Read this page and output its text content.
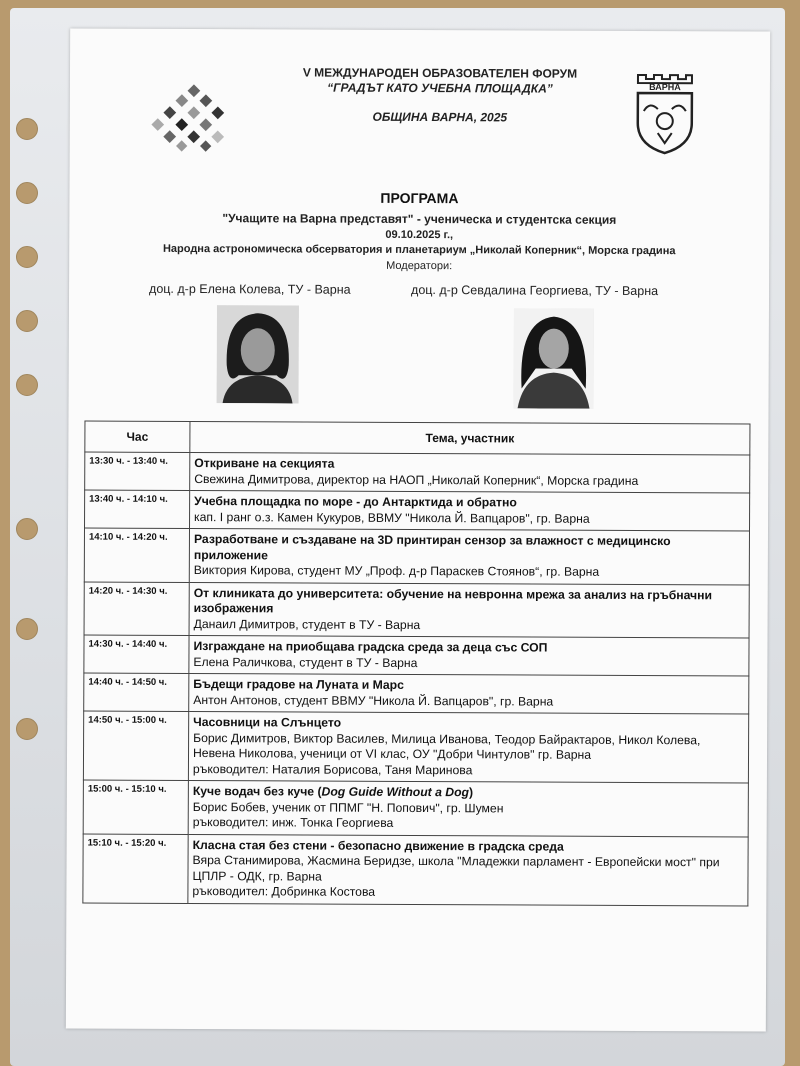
V МЕЖДУНАРОДЕН ОБРАЗОВАТЕЛЕН ФОРУМ
“ГРАДЪТ КАТО УЧЕБНА ПЛОЩАДКА”
ОБЩИНА ВАРНА, 2025
ВАРНА
ПРОГРАМА
"Учащите на Варна представят" - ученическа и студентска секция
09.10.2025 г.,
Народна астрономическа обсерватория и планетариум „Николай Коперник“, Морска градина
Модератори:
доц. д-р Елена Колева, ТУ - Варна	доц. д-р Севдалина Георгиева, ТУ - Варна
Час	Тема, участник
13:30 ч. - 13:40 ч.	Откриване на секцията
Свежина Димитрова, директор на НАОП „Николай Коперник“, Морска градина

13:40 ч. - 14:10 ч.	Учебна площадка по море - до Антарктида и обратно
кап. I ранг о.з. Камен Кукуров, ВВМУ "Никола Й. Вапцаров", гр. Варна

14:10 ч. - 14:20 ч.	Разработване и създаване на 3D принтиран сензор за влажност с медицинско приложение
Виктория Кирова, студент МУ „Проф. д-р Параскев Стоянов“, гр. Варна

14:20 ч. - 14:30 ч.	От клиниката до университета: обучение на невронна мрежа за анализ на гръбначни изображения
Данаил Димитров, студент в ТУ - Варна

14:30 ч. - 14:40 ч.	Изграждане на приобщава градска среда за деца със СОП
Елена Раличкова, студент в ТУ - Варна

14:40 ч. - 14:50 ч.	Бъдещи градове на Луната и Марс
Антон Антонов, студент ВВМУ "Никола Й. Вапцаров", гр. Варна

14:50 ч. - 15:00 ч.	Часовници на Слънцето
Борис Димитров, Виктор Василев, Милица Иванова, Теодор Байрактаров, Никол Колева, Невена Николова, ученици от VI клас, ОУ "Добри Чинтулов" гр. Варна
ръководител: Наталия Борисова, Таня Маринова

15:00 ч. - 15:10 ч.	Куче водач без куче (Dog Guide Without a Dog)
Борис Бобев, ученик от ППМГ "Н. Попович", гр. Шумен
ръководител: инж. Тонка Георгиева

15:10 ч. - 15:20 ч.	Класна стая без стени - безопасно движение в градска среда
Вяра Станимирова, Жасмина Беридзе, школа "Младежки парламент - Европейски мост" при ЦПЛР - ОДК, гр. Варна
ръководител: Добринка Костова
